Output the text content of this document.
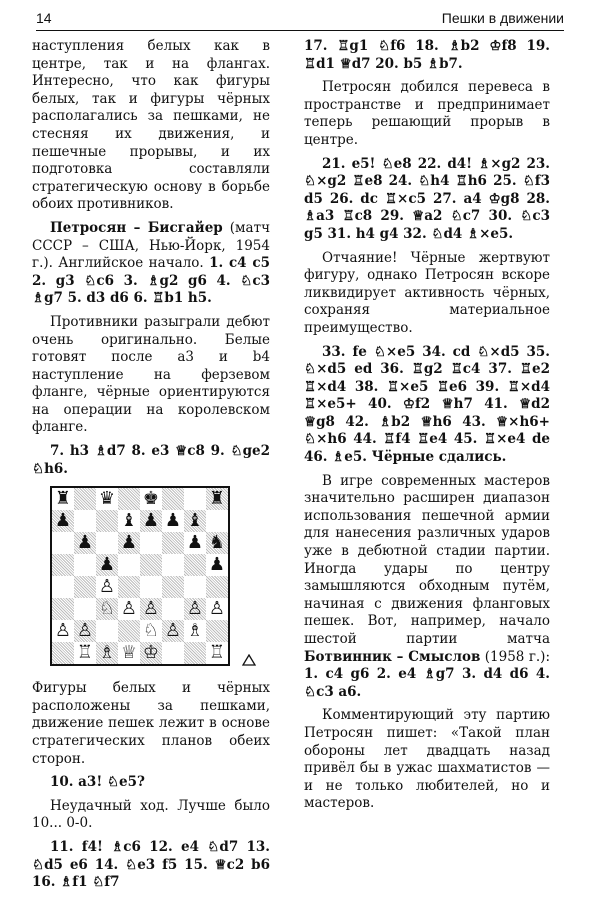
14	Пешки в движении

наступления белых как в центре, так и на флангах. Интересно, что как фигуры белых, так и фигуры чёрных располагались за пешками, не стесняя их движения, и пешечные прорывы, и их подготовка составляли стратегическую основу в борьбе обоих противников.

Петросян – Бисгайер (матч СССР – США, Нью-Йорк, 1954 г.). Английское начало. 1. c4 c5 2. g3 ♘c6 3. ♗g2 g6 4. ♘c3 ♗g7 5. d3 d6 6. ♖b1 h5.

Противники разыграли дебют очень оригинально. Белые готовят после a3 и b4 наступление на ферзевом фланге, чёрные ориентируются на операции на королевском фланге.

7. h3 ♗d7 8. e3 ♕c8 9. ♘ge2 ♘h6.

♜ ♛ ♚	♜
♟	♝ ♟ ♟ ♝
♟ ♟	♟ ♞
♟	♟
♙
♘ ♙ ♙ ♙ ♙
♙ ♙	♘ ♙ ♗
♖ ♗ ♕ ♔	♖

Фигуры белых и чёрных расположены за пешками, движение пешек лежит в основе стратегических планов обеих сторон.

10. a3! ♘e5?

Неудачный ход. Лучше было 10... 0-0.

11. f4! ♗c6 12. e4 ♘d7 13. ♘d5 e6 14. ♘e3 f5 15. ♕c2 b6 16. ♗f1 ♘f7

17. ♖g1 ♘f6 18. ♗b2 ♔f8 19. ♖d1 ♕d7 20. b5 ♗b7.

Петросян добился перевеса в пространстве и предпринимает теперь решающий прорыв в центре.

21. e5! ♘e8 22. d4! ♗×g2 23. ♘×g2 ♖e8 24. ♘h4 ♖h6 25. ♘f3 d5 26. dc ♖×c5 27. a4 ♔g8 28. ♗a3 ♖c8 29. ♕a2 ♘c7 30. ♘c3 g5 31. h4 g4 32. ♘d4 ♗×e5.

Отчаяние! Чёрные жертвуют фигуру, однако Петросян вскоре ликвидирует активность чёрных, сохраняя материальное преимущество.

33. fe ♘×e5 34. cd ♘×d5 35. ♘×d5 ed 36. ♖g2 ♖c4 37. ♖e2 ♖×d4 38. ♖×e5 ♖e6 39. ♖×d4 ♖×e5+ 40. ♔f2 ♕h7 41. ♕d2 ♕g8 42. ♗b2 ♕h6 43. ♕×h6+ ♘×h6 44. ♖f4 ♖e4 45. ♖×e4 de 46. ♗e5. Чёрные сдались.

В игре современных мастеров значительно расширен диапазон использования пешечной армии для нанесения различных ударов уже в дебютной стадии партии. Иногда удары по центру замышляются обходным путём, начиная с движения фланговых пешек. Вот, например, начало шестой партии матча Ботвинник – Смыслов (1958 г.): 1. c4 g6 2. e4 ♗g7 3. d4 d6 4. ♘c3 a6.

Комментирующий эту партию Петросян пишет: «Такой план обороны лет двадцать назад привёл бы в ужас шахматистов — и не только любителей, но и мастеров.
